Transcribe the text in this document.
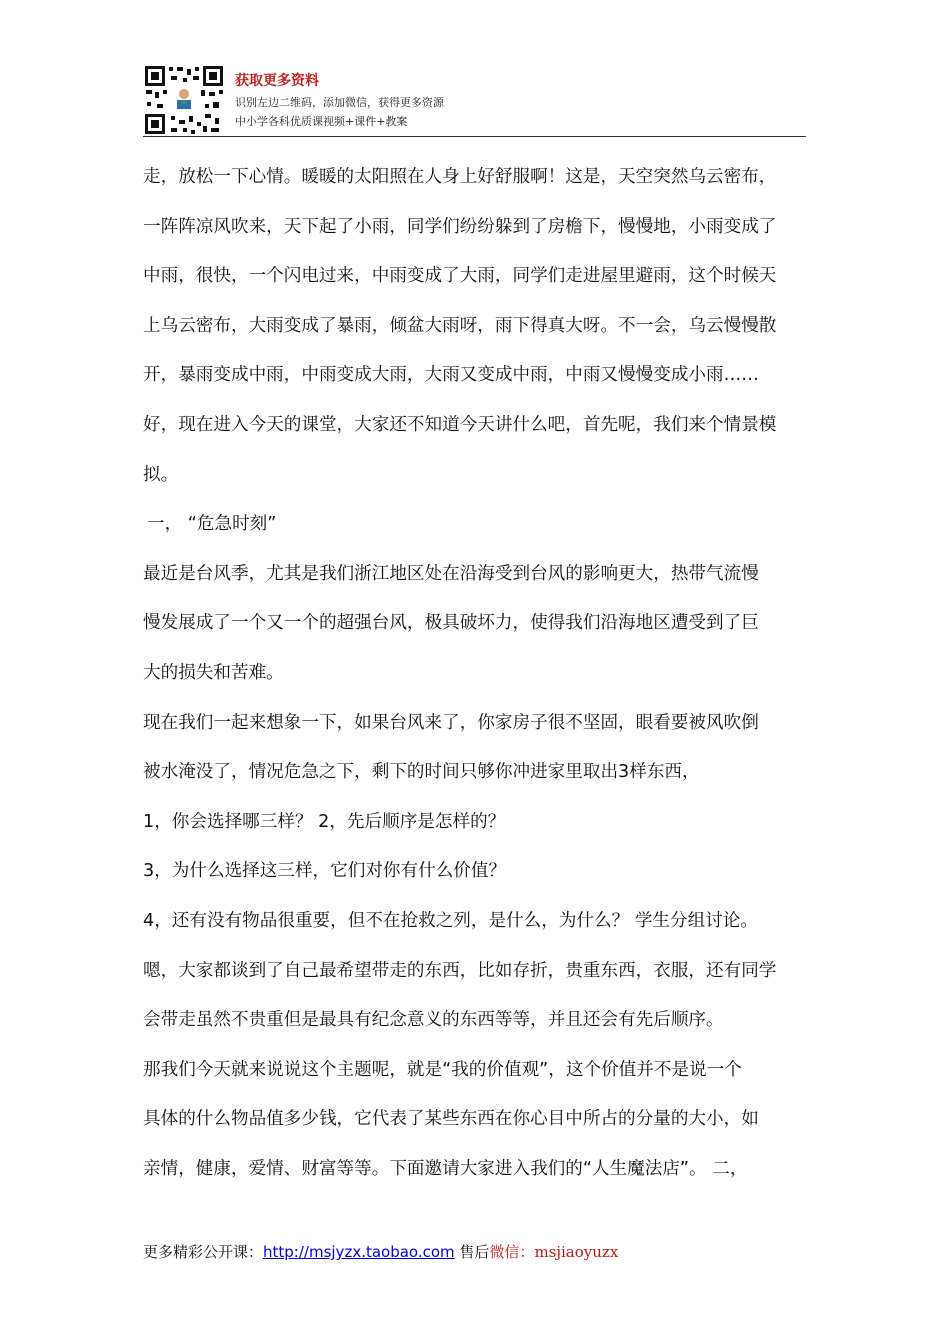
获取更多资料
识别左边二维码，添加微信，获得更多资源
中小学各科优质课视频+课件+教案

走，放松一下心情。暖暖的太阳照在人身上好舒服啊！这是，天空突然乌云密布，

一阵阵凉风吹来，天下起了小雨，同学们纷纷躲到了房檐下，慢慢地，小雨变成了

中雨，很快，一个闪电过来，中雨变成了大雨，同学们走进屋里避雨，这个时候天

上乌云密布，大雨变成了暴雨，倾盆大雨呀，雨下得真大呀。不一会，乌云慢慢散

开，暴雨变成中雨，中雨变成大雨，大雨又变成中雨，中雨又慢慢变成小雨……

好，现在进入今天的课堂，大家还不知道今天讲什么吧，首先呢，我们来个情景模

拟。

一， “危急时刻”

最近是台风季，尤其是我们浙江地区处在沿海受到台风的影响更大，热带气流慢

慢发展成了一个又一个的超强台风，极具破坏力，使得我们沿海地区遭受到了巨

大的损失和苦难。

现在我们一起来想象一下，如果台风来了，你家房子很不坚固，眼看要被风吹倒

被水淹没了，情况危急之下，剩下的时间只够你冲进家里取出3样东西，

1，你会选择哪三样？ 2，先后顺序是怎样的？

3，为什么选择这三样，它们对你有什么价值？

4，还有没有物品很重要，但不在抢救之列，是什么，为什么？ 学生分组讨论。

嗯，大家都谈到了自己最希望带走的东西，比如存折，贵重东西，衣服，还有同学

会带走虽然不贵重但是最具有纪念意义的东西等等，并且还会有先后顺序。

那我们今天就来说说这个主题呢，就是“我的价值观”，这个价值并不是说一个

具体的什么物品值多少钱，它代表了某些东西在你心目中所占的分量的大小，如

亲情，健康，爱情、财富等等。下面邀请大家进入我们的“人生魔法店”。 二，

更多精彩公开课：http://msjyzx.taobao.com 售后微信：msjiaoyuzx
